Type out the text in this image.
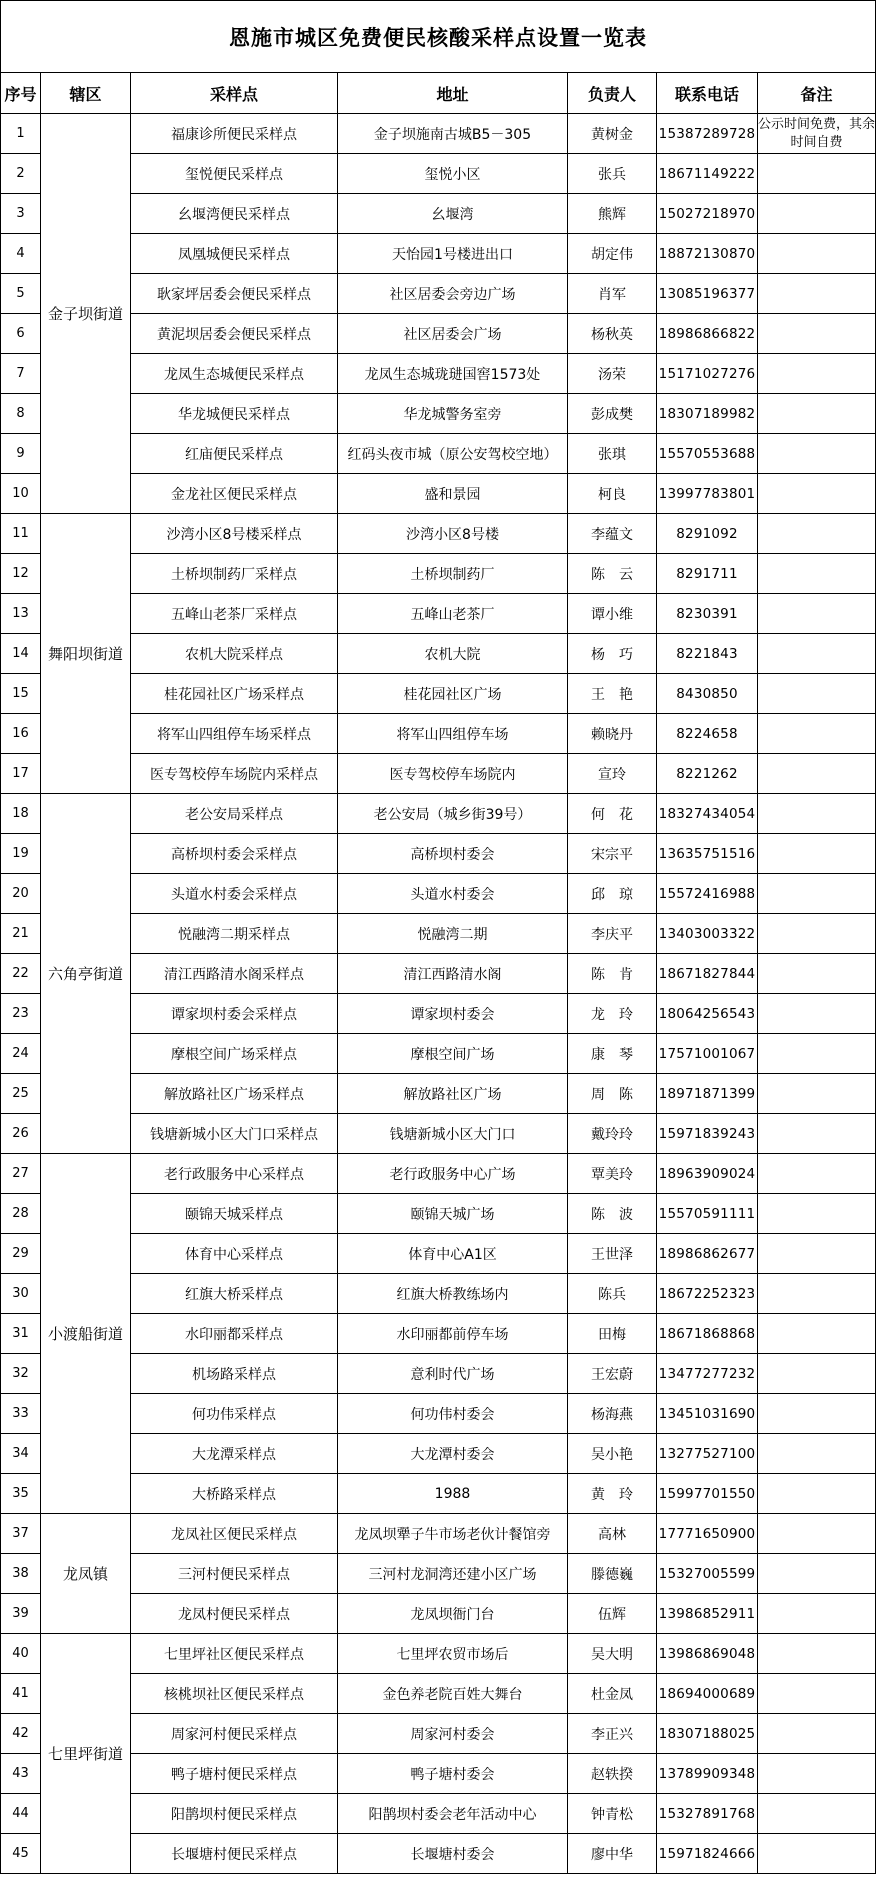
恩施市城区免费便民核酸采样点设置一览表						
序号	辖区	采样点	地址	负责人	联系电话	备注
1	金子坝街道	福康诊所便民采样点	金子坝施南古城B5－305	黄树金	15387289728	公示时间免费，其余时间自费
2		玺悦便民采样点	玺悦小区	张兵	18671149222	
3		幺堰湾便民采样点	幺堰湾	熊辉	15027218970	
4		凤凰城便民采样点	天怡园1号楼进出口	胡定伟	18872130870	
5		耿家坪居委会便民采样点	社区居委会旁边广场	肖军	13085196377	
6		黄泥坝居委会便民采样点	社区居委会广场	杨秋英	18986866822	
7		龙凤生态城便民采样点	龙凤生态城珑琎国窖1573处	汤荣	15171027276	
8		华龙城便民采样点	华龙城警务室旁	彭成樊	18307189982	
9		红庙便民采样点	红码头夜市城（原公安驾校空地）	张琪	15570553688	
10		金龙社区便民采样点	盛和景园	柯良	13997783801	
11	舞阳坝街道	沙湾小区8号楼采样点	沙湾小区8号楼	李蕴文	8291092	
12		土桥坝制药厂采样点	土桥坝制药厂	陈　云	8291711	
13		五峰山老茶厂采样点	五峰山老茶厂	谭小维	8230391	
14		农机大院采样点	农机大院	杨　巧	8221843	
15		桂花园社区广场采样点	桂花园社区广场	王　艳	8430850	
16		将军山四组停车场采样点	将军山四组停车场	赖晓丹	8224658	
17		医专驾校停车场院内采样点	医专驾校停车场院内	宣玲	8221262	
18	六角亭街道	老公安局采样点	老公安局（城乡街39号）	何　花	18327434054	
19		高桥坝村委会采样点	高桥坝村委会	宋宗平	13635751516	
20		头道水村委会采样点	头道水村委会	邱　琼	15572416988	
21		悦融湾二期采样点	悦融湾二期	李庆平	13403003322	
22		清江西路清水阁采样点	清江西路清水阁	陈　肯	18671827844	
23		谭家坝村委会采样点	谭家坝村委会	龙　玲	18064256543	
24		摩根空间广场采样点	摩根空间广场	康　琴	17571001067	
25		解放路社区广场采样点	解放路社区广场	周　陈	18971871399	
26		钱塘新城小区大门口采样点	钱塘新城小区大门口	戴玲玲	15971839243	
27	小渡船街道	老行政服务中心采样点	老行政服务中心广场	覃美玲	18963909024	
28		颐锦天城采样点	颐锦天城广场	陈　波	15570591111	
29		体育中心采样点	体育中心A1区	王世泽	18986862677	
30		红旗大桥采样点	红旗大桥教练场内	陈兵	18672252323	
31		水印丽都采样点	水印丽都前停车场	田梅	18671868868	
32		机场路采样点	意利时代广场	王宏蔚	13477277232	
33		何功伟采样点	何功伟村委会	杨海燕	13451031690	
34		大龙潭采样点	大龙潭村委会	吴小艳	13277527100	
35		大桥路采样点	1988	黄　玲	15997701550	
37	龙凤镇	龙凤社区便民采样点	龙凤坝犟子牛市场老伙计餐馆旁	高林	17771650900	
38		三河村便民采样点	三河村龙洞湾还建小区广场	滕德巍	15327005599	
39		龙凤村便民采样点	龙凤坝衙门台	伍辉	13986852911	
40	七里坪街道	七里坪社区便民采样点	七里坪农贸市场后	吴大明	13986869048	
41		核桃坝社区便民采样点	金色养老院百姓大舞台	杜金凤	18694000689	
42		周家河村便民采样点	周家河村委会	李正兴	18307188025	
43		鸭子塘村便民采样点	鸭子塘村委会	赵轶揆	13789909348	
44		阳鹊坝村便民采样点	阳鹊坝村委会老年活动中心	钟青松	15327891768	
45		长堰塘村便民采样点	长堰塘村委会	廖中华	15971824666	
